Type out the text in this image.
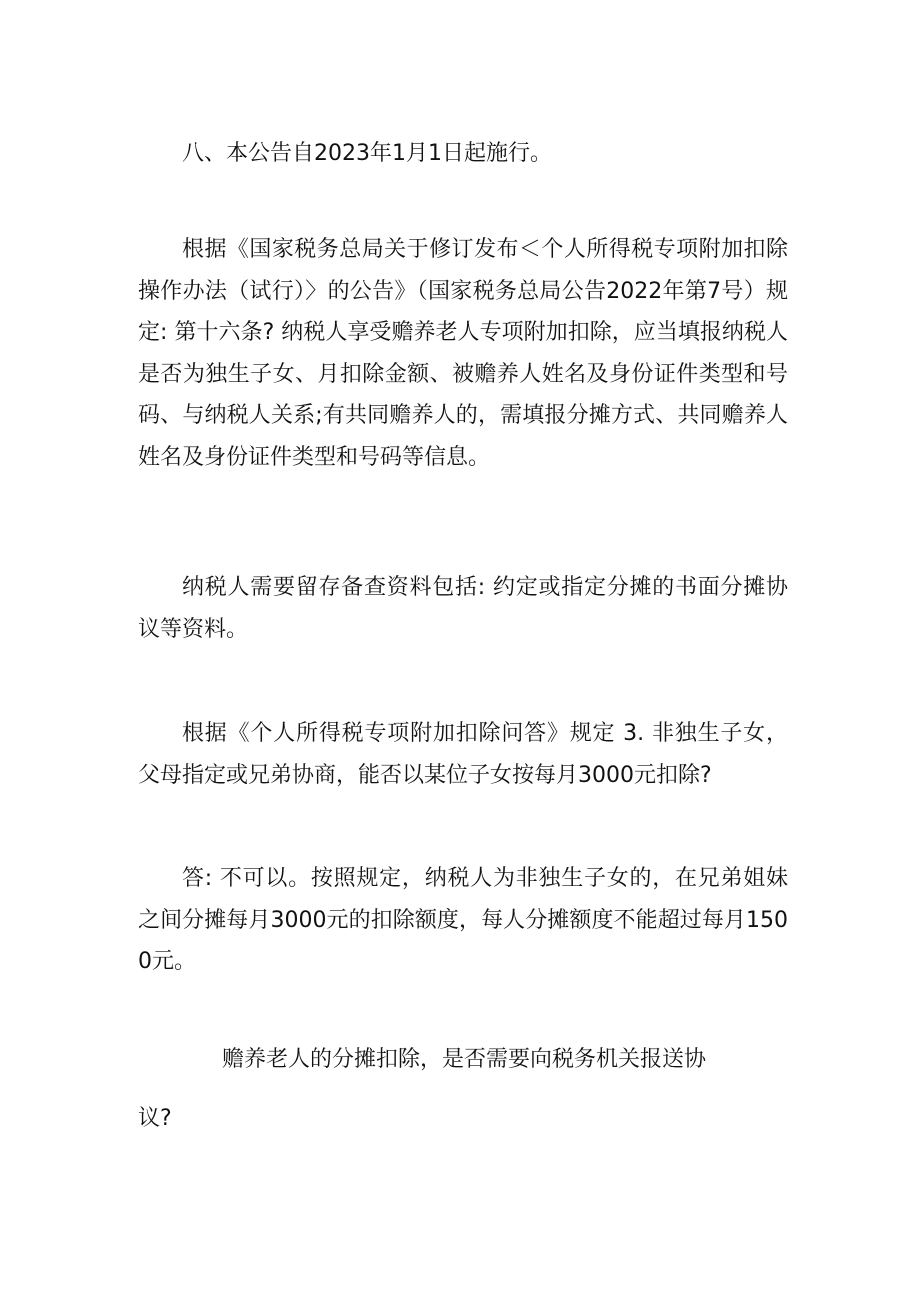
八、本公告自2023年1月1日起施行。

根据《国家税务总局关于修订发布＜个人所得税专项附加扣除操作办法（试行）〉的公告》（国家税务总局公告2022年第7号）规定: 第十六条? 纳税人享受赡养老人专项附加扣除，应当填报纳税人是否为独生子女、月扣除金额、被赡养人姓名及身份证件类型和号码、与纳税人关系;有共同赡养人的，需填报分摊方式、共同赡养人姓名及身份证件类型和号码等信息。

纳税人需要留存备查资料包括: 约定或指定分摊的书面分摊协议等资料。

根据《个人所得税专项附加扣除问答》规定 3. 非独生子女，父母指定或兄弟协商，能否以某位子女按每月3000元扣除?

答: 不可以。按照规定，纳税人为非独生子女的，在兄弟姐妹之间分摊每月3000元的扣除额度，每人分摊额度不能超过每月1500元。

赡养老人的分摊扣除，是否需要向税务机关报送协

议?
